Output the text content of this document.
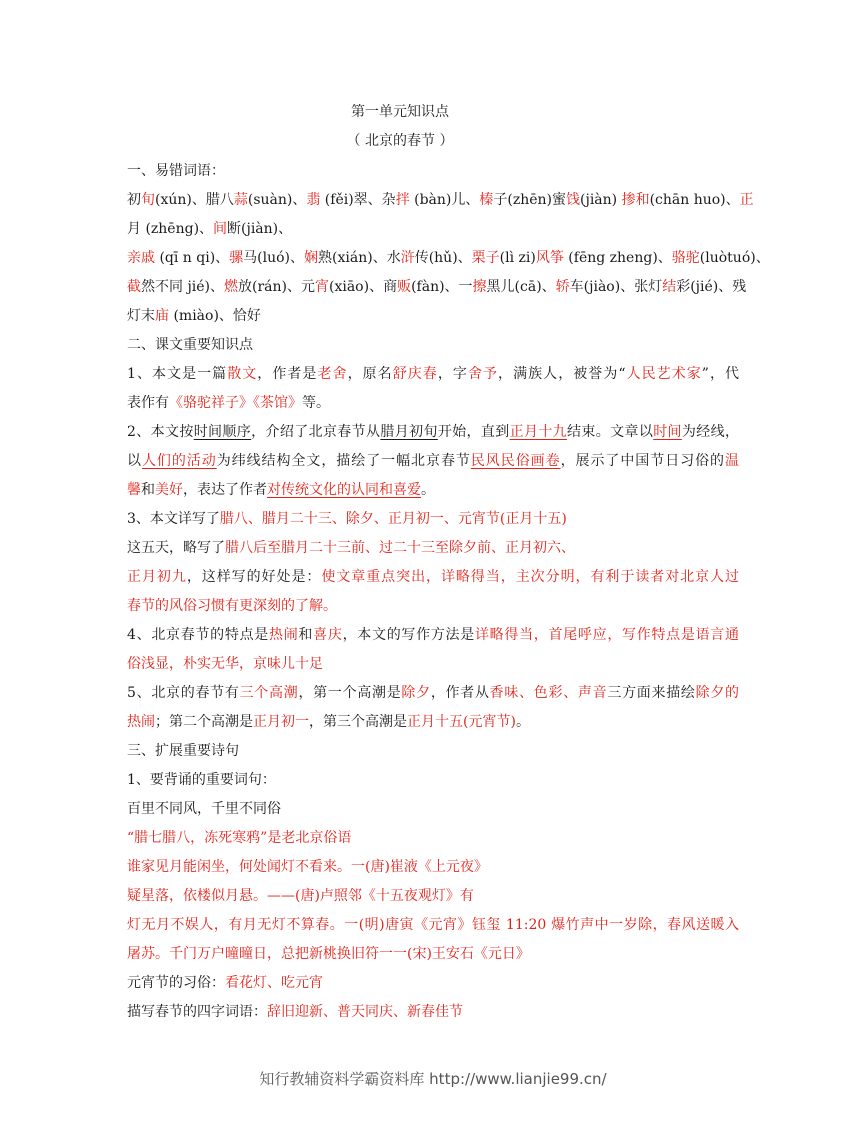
第一单元知识点
（ 北京的春节 ）
一、易错词语：
初旬(xún)、腊八蒜(suàn)、翡 (fěi)翠、杂拌 (bàn)儿、榛子(zhēn)蜜饯(jiàn) 掺和(chān huo)、正
月 (zhēng)、间断(jiàn)、
亲戚 (qī n qi)、骡马(luó)、娴熟(xián)、水浒传(hǔ)、栗子(lì zi)风筝 (fēng zheng)、骆驼(luòtuó)、
截然不同 jié)、燃放(rán)、元宵(xiāo)、商贩(fàn)、一擦黑儿(cā)、轿车(jiào)、张灯结彩(jié)、残
灯末庙 (miào)、恰好
二、课文重要知识点
1、本文是一篇散文，作者是老舍，原名舒庆春，字舍予，满族人，被誉为“人民艺术家”，代
表作有《骆驼祥子》《茶馆》等。
2、本文按时间顺序，介绍了北京春节从腊月初旬开始，直到正月十九结束。文章以时间为经线，
以人们的活动为纬线结构全文，描绘了一幅北京春节民风民俗画卷，展示了中国节日习俗的温
馨和美好，表达了作者对传统文化的认同和喜爱。
3、本文详写了腊八、腊月二十三、除夕、正月初一、元宵节(正月十五)
这五天，略写了腊八后至腊月二十三前、过二十三至除夕前、正月初六、
正月初九，这样写的好处是：使文章重点突出，详略得当，主次分明，有利于读者对北京人过
春节的风俗习惯有更深刻的了解。
4、北京春节的特点是热闹和喜庆，本文的写作方法是详略得当，首尾呼应，写作特点是语言通
俗浅显，朴实无华，京味儿十足
5、北京的春节有三个高潮，第一个高潮是除夕，作者从香味、色彩、声音三方面来描绘除夕的
热闹；第二个高潮是正月初一，第三个高潮是正月十五(元宵节)。
三、扩展重要诗句
1、要背诵的重要词句：
百里不同风，千里不同俗
“腊七腊八，冻死寒鸦”是老北京俗语
谁家见月能闲坐，何处闻灯不看来。一(唐)崔液《上元夜》
疑星落，依楼似月悬。——(唐)卢照邻《十五夜观灯》有
灯无月不娱人，有月无灯不算春。一(明)唐寅《元宵》钰玺 11:20 爆竹声中一岁除，春风送暖入
屠苏。千门万户曈曈日，总把新桃换旧符一一(宋)王安石《元日》
元宵节的习俗：看花灯、吃元宵
描写春节的四字词语：辞旧迎新、普天同庆、新春佳节
知行教辅资料学霸资料库 http://www.lianjie99.cn/
